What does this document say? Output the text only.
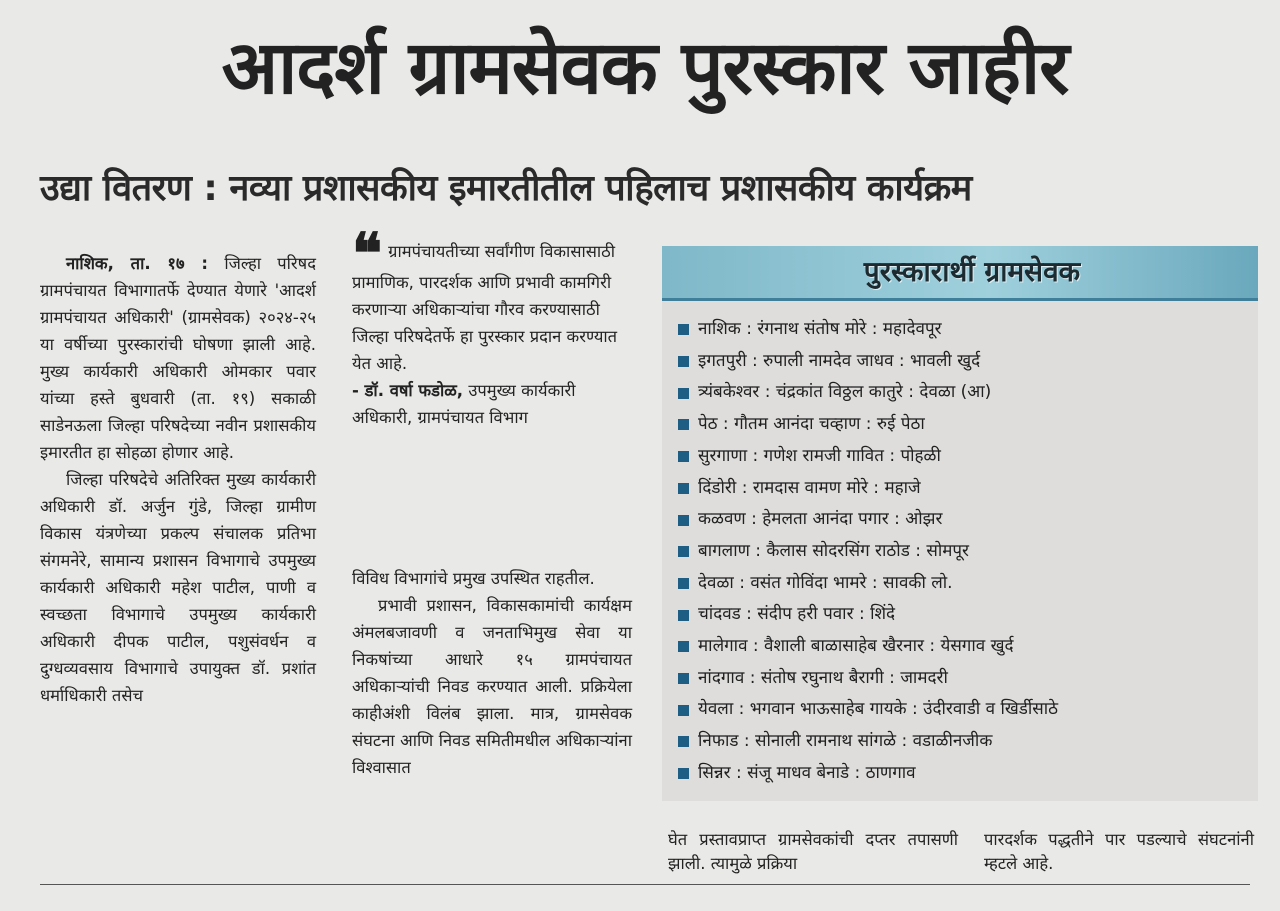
आदर्श ग्रामसेवक पुरस्कार जाहीर
उद्या वितरण : नव्या प्रशासकीय इमारतीतील पहिलाच प्रशासकीय कार्यक्रम

नाशिक, ता. १७ : जिल्हा परिषद ग्रामपंचायत विभागातर्फे देण्यात येणारे 'आदर्श ग्रामपंचायत अधिकारी' (ग्रामसेवक) २०२४-२५ या वर्षीच्या पुरस्कारांची घोषणा झाली आहे. मुख्य कार्यकारी अधिकारी ओमकार पवार यांच्या हस्ते बुधवारी (ता. १९) सकाळी साडेनऊला जिल्हा परिषदेच्या नवीन प्रशासकीय इमारतीत हा सोहळा होणार आहे.

जिल्हा परिषदेचे अतिरिक्त मुख्य कार्यकारी अधिकारी डॉ. अर्जुन गुंडे, जिल्हा ग्रामीण विकास यंत्रणेच्या प्रकल्प संचालक प्रतिभा संगमनेरे, सामान्य प्रशासन विभागाचे उपमुख्य कार्यकारी अधिकारी महेश पाटील, पाणी व स्वच्छता विभागाचे उपमुख्य कार्यकारी अधिकारी दीपक पाटील, पशुसंवर्धन व दुग्धव्यवसाय विभागाचे उपायुक्त डॉ. प्रशांत धर्माधिकारी तसेच

❝ ग्रामपंचायतीच्या सर्वांगीण विकासासाठी प्रामाणिक, पारदर्शक आणि प्रभावी कामगिरी करणाऱ्या अधिकाऱ्यांचा गौरव करण्यासाठी जिल्हा परिषदेतर्फे हा पुरस्कार प्रदान करण्यात येत आहे.

- डॉ. वर्षा फडोळ, उपमुख्य कार्यकारी अधिकारी, ग्रामपंचायत विभाग

विविध विभागांचे प्रमुख उपस्थित राहतील.

प्रभावी प्रशासन, विकासकामांची कार्यक्षम अंमलबजावणी व जनताभिमुख सेवा या निकषांच्या आधारे १५ ग्रामपंचायत अधिकाऱ्यांची निवड करण्यात आली. प्रक्रियेला काहीअंशी विलंब झाला. मात्र, ग्रामसेवक संघटना आणि निवड समितीमधील अधिकाऱ्यांना विश्वासात

पुरस्कारार्थी ग्रामसेवक
नाशिक : रंगनाथ संतोष मोरे : महादेवपूर
इगतपुरी : रुपाली नामदेव जाधव : भावली खुर्द
त्र्यंबकेश्वर : चंद्रकांत विठ्ठल कातुरे : देवळा (आ)
पेठ : गौतम आनंदा चव्हाण : रुई पेठा
सुरगाणा : गणेश रामजी गावित : पोहळी
दिंडोरी : रामदास वामण मोरे : महाजे
कळवण : हेमलता आनंदा पगार : ओझर
बागलाण : कैलास सोदरसिंग राठोड : सोमपूर
देवळा : वसंत गोविंदा भामरे : सावकी लो.
चांदवड : संदीप हरी पवार : शिंदे
मालेगाव : वैशाली बाळासाहेब खैरनार : येसगाव खुर्द
नांदगाव : संतोष रघुनाथ बैरागी : जामदरी
येवला : भगवान भाऊसाहेब गायके : उंदीरवाडी व खिर्डीसाठे
निफाड : सोनाली रामनाथ सांगळे : वडाळीनजीक
सिन्नर : संजू माधव बेनाडे : ठाणगाव
घेत प्रस्तावप्राप्त ग्रामसेवकांची दप्तर तपासणी झाली. त्यामुळे प्रक्रिया
पारदर्शक पद्धतीने पार पडल्याचे संघटनांनी म्हटले आहे.
